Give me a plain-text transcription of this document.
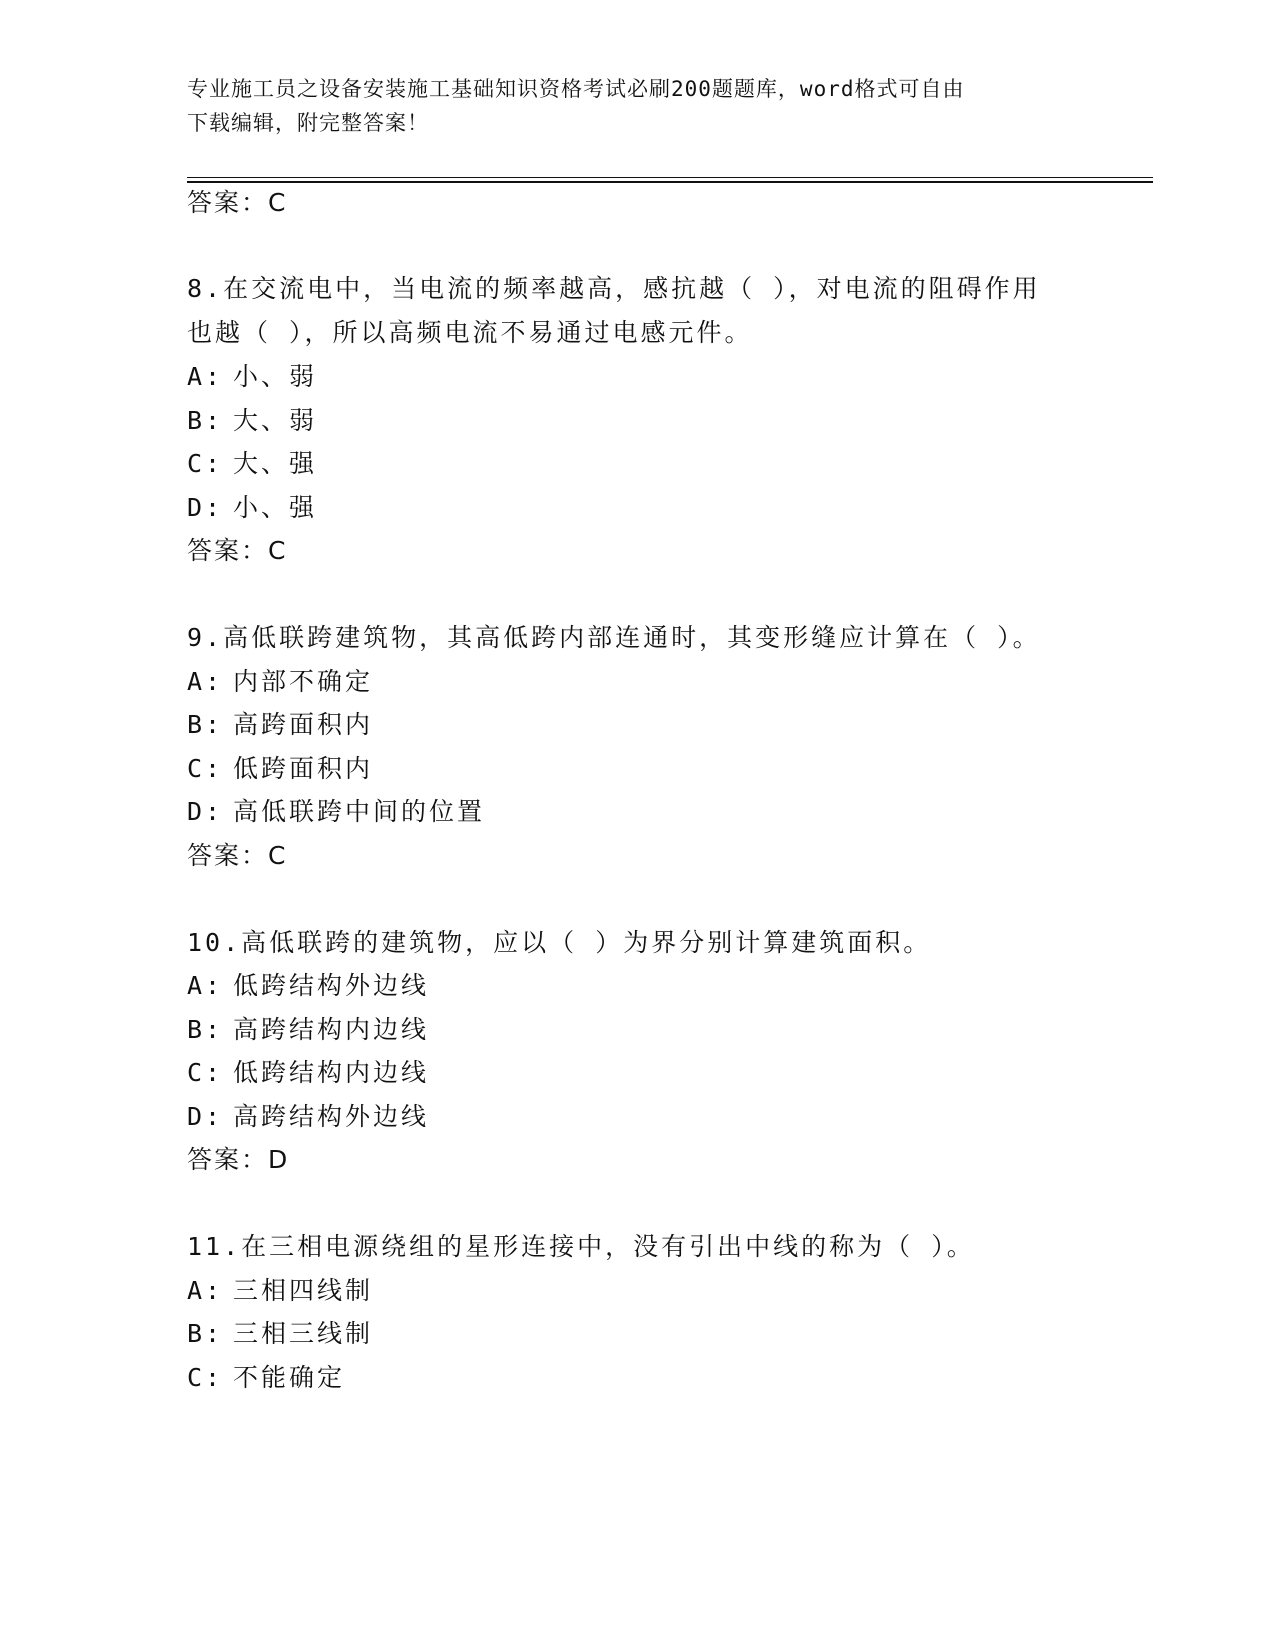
专业施工员之设备安装施工基础知识资格考试必刷200题题库，word格式可自由
下载编辑，附完整答案！
答案：C
8.在交流电中，当电流的频率越高，感抗越（ ），对电流的阻碍作用
也越（ ），所以高频电流不易通过电感元件。
A: 小、弱
B: 大、弱
C: 大、强
D: 小、强
答案：C
9.高低联跨建筑物，其高低跨内部连通时，其变形缝应计算在（ ）。
A: 内部不确定
B: 高跨面积内
C: 低跨面积内
D: 高低联跨中间的位置
答案：C
10.高低联跨的建筑物，应以（ ）为界分别计算建筑面积。
A: 低跨结构外边线
B: 高跨结构内边线
C: 低跨结构内边线
D: 高跨结构外边线
答案：D
11.在三相电源绕组的星形连接中，没有引出中线的称为（ ）。
A: 三相四线制
B: 三相三线制
C: 不能确定
